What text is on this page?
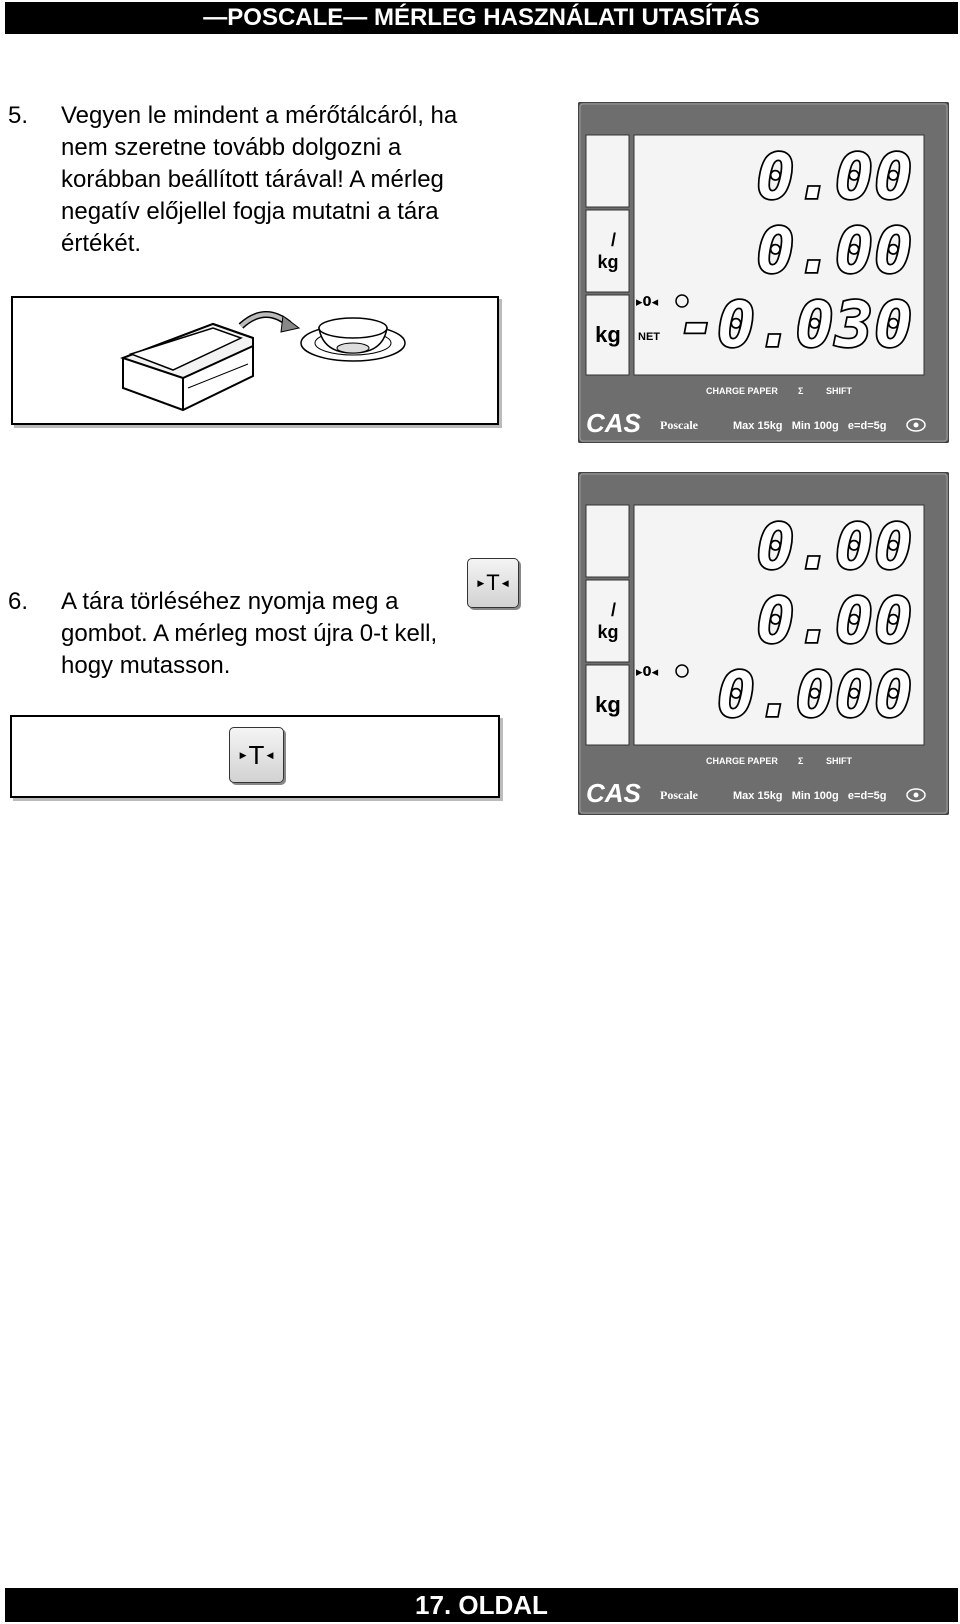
—POSCALE— MÉRLEG HASZNÁLATI UTASÍTÁS
5. Vegyen le mindent a mérőtálcáról, ha
nem szeretne tovább dolgozni a
korábban beállított tárával! A mérleg
negatív előjellel fogja mutatni a tára
értékét.	/
kg
kg
▸0◂
NET
0.00
0.00
-0.030
CHARGE PAPER Σ	SHIFT
CAS Poscale	Max 15kg   Min 100g   e=d=5g
6. A tára törléséhez nyomja meg a
gombot. A mérleg most újra 0-t kell,
hogy mutasson.
▶ T ◀
▶ T ◀
/
kg
kg
▸0◂
0.00
0.00
0.000
CHARGE PAPER Σ	SHIFT
CAS Poscale	Max 15kg   Min 100g   e=d=5g
17. OLDAL
